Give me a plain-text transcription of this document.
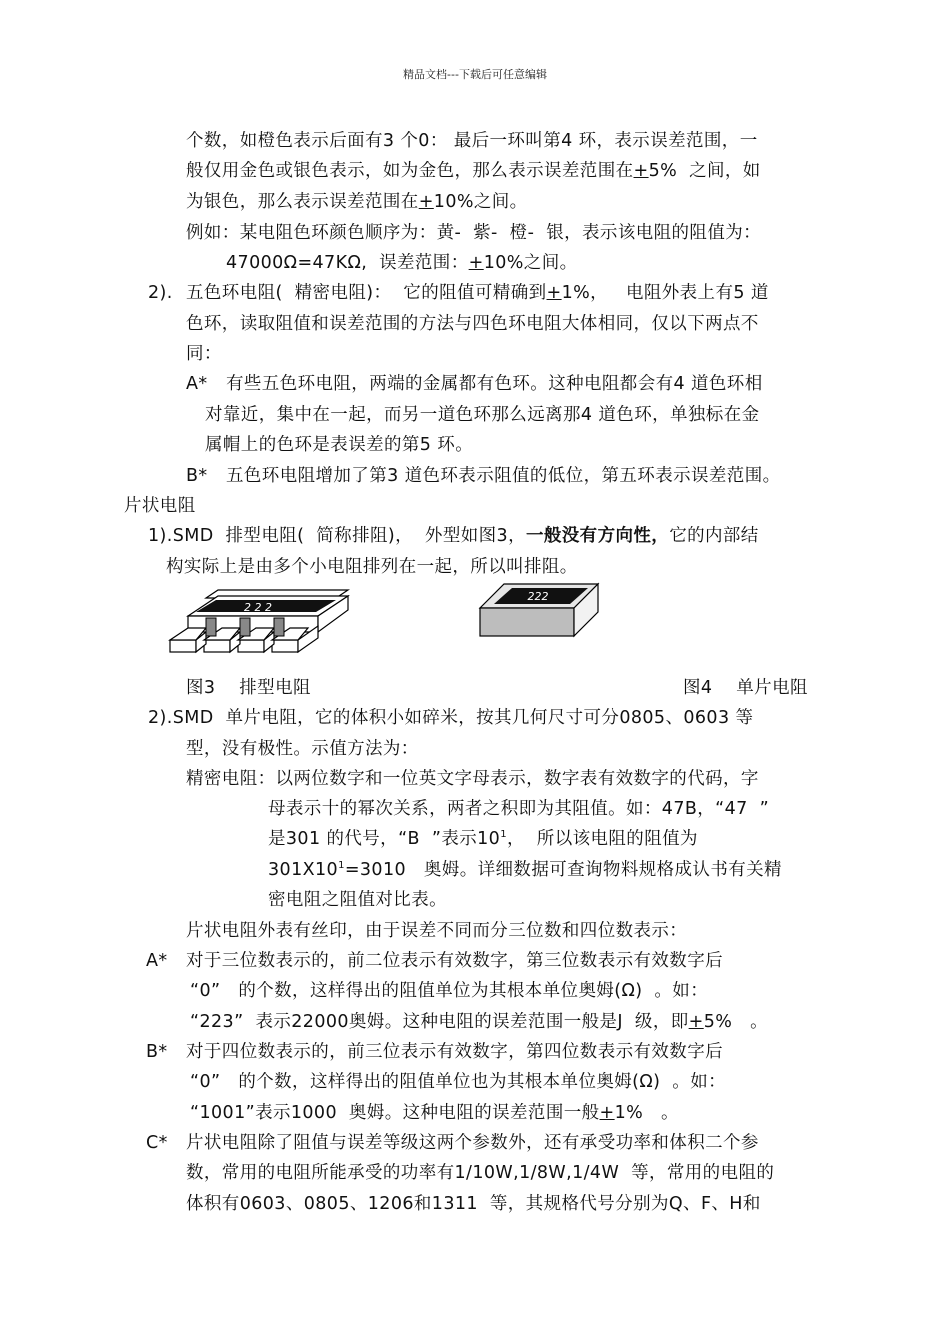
精品文档---下载后可任意编辑
个数，如橙色表示后面有3 个0： 最后一环叫第4 环，表示误差范围，一
般仅用金色或银色表示，如为金色，那么表示误差范围在+5%  之间，如
为银色，那么表示误差范围在+10%之间。
例如：某电阻色环颜色顺序为：黄-  紫-  橙-  银，表示该电阻的阻值为：
47000Ω=47KΩ,  误差范围：+10%之间。
2). 五色环电阻(  精密电阻)：  它的阻值可精确到+1%，   电阻外表上有5 道
色环，读取阻值和误差范围的方法与四色环电阻大体相同，仅以下两点不
同：
A* 有些五色环电阻，两端的金属都有色环。这种电阻都会有4 道色环相
对靠近，集中在一起，而另一道色环那么远离那4 道色环，单独标在金
属帽上的色环是表误差的第5 环。
B* 五色环电阻增加了第3 道色环表示阻值的低位，第五环表示误差范围。
片状电阻
1).SMD  排型电阻(  简称排阻)，  外型如图3，一般没有方向性，它的内部结
构实际上是由多个小电阻排列在一起，所以叫排阻。
2 2 2
222
图3    排型电阻	图4    单片电阻
2).SMD  单片电阻，它的体积小如碎米，按其几何尺寸可分0805、0603 等
型，没有极性。示值方法为：
精密电阻：以两位数字和一位英文字母表示，数字表有效数字的代码，字
母表示十的幂次关系，两者之积即为其阻值。如：47B，“47  ”
是301 的代号，“B  ”表示$10^1$，  所以该电阻的阻值为
$301X10^1=3010$   奥姆。详细数据可查询物料规格成认书有关精
密电阻之阻值对比表。
片状电阻外表有丝印，由于误差不同而分三位数和四位数表示：
A* 对于三位数表示的，前二位表示有效数字，第三位数表示有效数字后
“0”   的个数，这样得出的阻值单位为其根本单位奥姆(Ω)  。如：
“223”  表示22000奥姆。这种电阻的误差范围一般是J  级，即+5%   。
B* 对于四位数表示的，前三位表示有效数字，第四位数表示有效数字后
“0”   的个数，这样得出的阻值单位也为其根本单位奥姆(Ω)  。如：
“1001”表示1000  奥姆。这种电阻的误差范围一般+1%   。
C* 片状电阻除了阻值与误差等级这两个参数外，还有承受功率和体积二个参
数，常用的电阻所能承受的功率有1/10W,1/8W,1/4W  等，常用的电阻的
体积有0603、0805、1206和1311  等，其规格代号分别为Q、F、H和
